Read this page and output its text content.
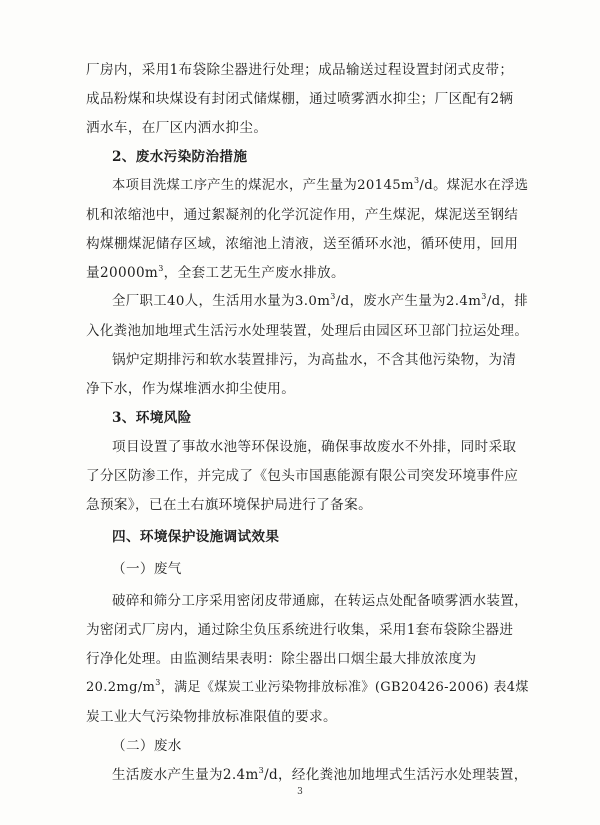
厂房内，采用1布袋除尘器进行处理；成品输送过程设置封闭式皮带；
成品粉煤和块煤设有封闭式储煤棚，通过喷雾洒水抑尘；厂区配有2辆
洒水车，在厂区内洒水抑尘。
2、废水污染防治措施
本项目洗煤工序产生的煤泥水，产生量为$20145m^3/d$。煤泥水在浮选
机和浓缩池中，通过絮凝剂的化学沉淀作用，产生煤泥，煤泥送至钢结
构煤棚煤泥储存区域，浓缩池上清液，送至循环水池，循环使用，回用
量$20000m^3$，全套工艺无生产废水排放。
全厂职工40人，生活用水量为$3.0m^3/d$，废水产生量为$2.4m^3/d$，排
入化粪池加地埋式生活污水处理装置，处理后由园区环卫部门拉运处理。
锅炉定期排污和软水装置排污，为高盐水，不含其他污染物，为清
净下水，作为煤堆洒水抑尘使用。
3、环境风险
项目设置了事故水池等环保设施，确保事故废水不外排，同时采取
了分区防渗工作，并完成了《包头市国惠能源有限公司突发环境事件应
急预案》，已在土右旗环境保护局进行了备案。
四、环境保护设施调试效果
（一）废气
破碎和筛分工序采用密闭皮带通廊，在转运点处配备喷雾洒水装置，
为密闭式厂房内，通过除尘负压系统进行收集，采用1套布袋除尘器进
行净化处理。由监测结果表明：除尘器出口烟尘最大排放浓度为
$20.2mg/m^3$，满足《煤炭工业污染物排放标准》(GB20426-2006) 表4煤
炭工业大气污染物排放标准限值的要求。
（二）废水
生活废水产生量为$2.4m^3/d$，经化粪池加地埋式生活污水处理装置，
3
